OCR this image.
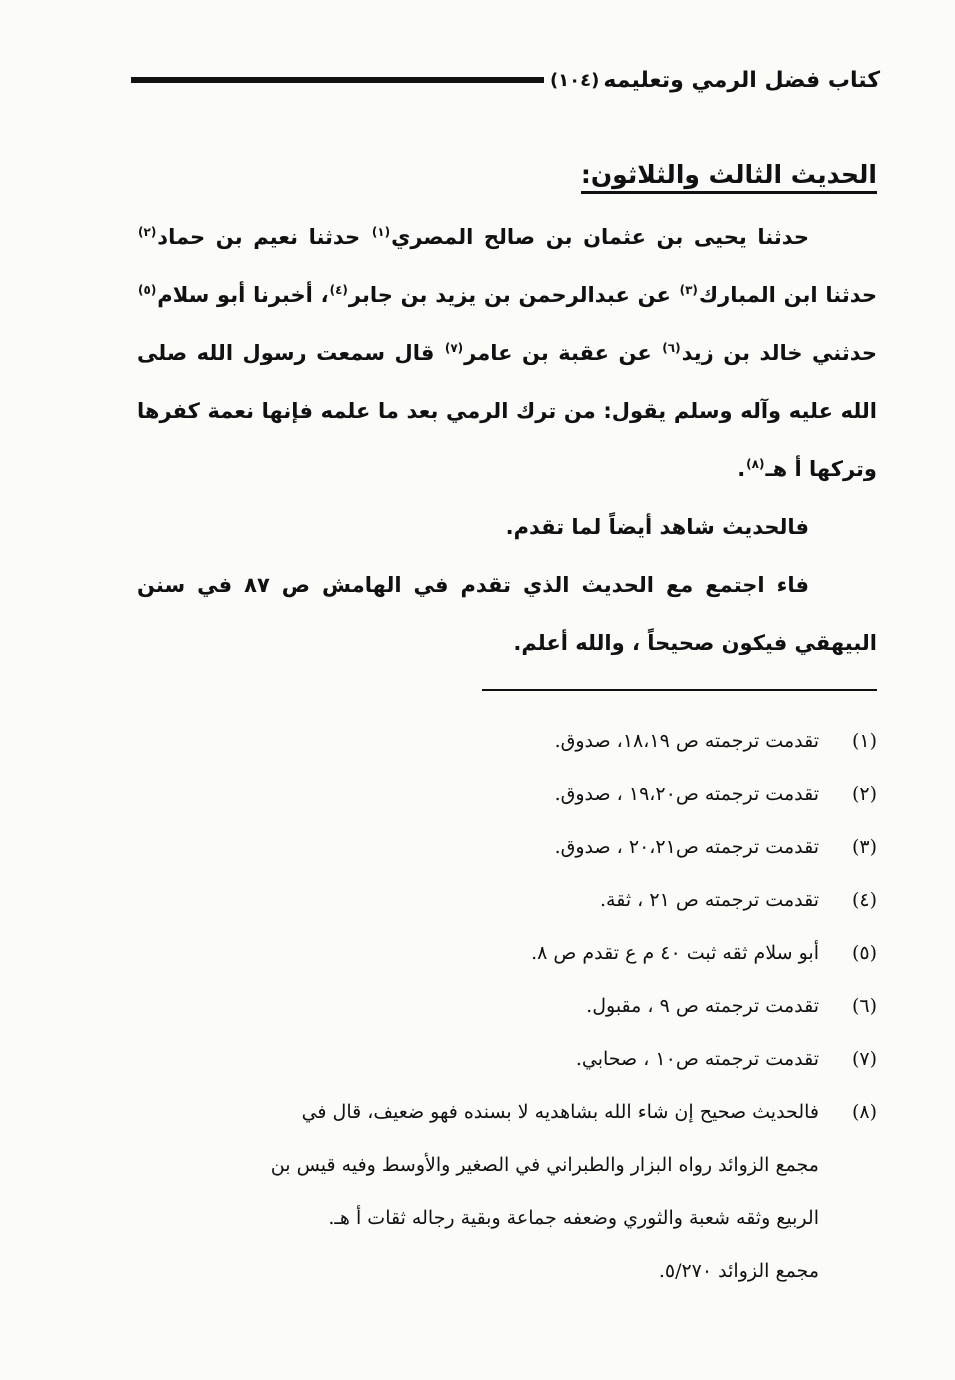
كتاب فضل الرمي وتعليمه
(١٠٤)
الحديث الثالث والثلاثون:

حدثنا يحيى بن عثمان بن صالح المصري$^{(١)}$ حدثنا نعيم بن حماد$^{(٢)}$ حدثنا ابن المبارك$^{(٣)}$ عن عبدالرحمن بن يزيد بن جابر$^{(٤)}$، أخبرنا أبو سلام$^{(٥)}$ حدثني خالد بن زيد$^{(٦)}$ عن عقبة بن عامر$^{(٧)}$ قال سمعت رسول الله صلى الله عليه وآله وسلم يقول: من ترك الرمي بعد ما علمه فإنها نعمة كفرها وتركها أ هـ$^{(٨)}$.

فالحديث شاهد أيضاً لما تقدم.

فاء اجتمع مع الحديث الذي تقدم في الهامش ص ٨٧ في سنن البيهقي فيكون صحيحاً ، والله أعلم.

(١)
تقدمت ترجمته ص ١٨،١٩، صدوق.
(٢)
تقدمت ترجمته ص١٩،٢٠ ، صدوق.
(٣)
تقدمت ترجمته ص٢٠،٢١ ، صدوق.
(٤)
تقدمت ترجمته ص ٢١ ، ثقة.
(٥)
أبو سلام ثقه ثبت ٤٠ م ع تقدم ص ٨.
(٦)
تقدمت ترجمته ص ٩ ، مقبول.
(٧)
تقدمت ترجمته ص١٠ ، صحابي.
(٨)
فالحديث صحيح إن شاء الله بشاهديه لا بسنده فهو ضعيف، قال في
مجمع الزوائد رواه البزار والطبراني في الصغير والأوسط وفيه قيس بن
الربيع وثقه شعبة والثوري وضعفه جماعة وبقية رجاله ثقات أ هـ.
مجمع الزوائد ٥/٢٧٠.
